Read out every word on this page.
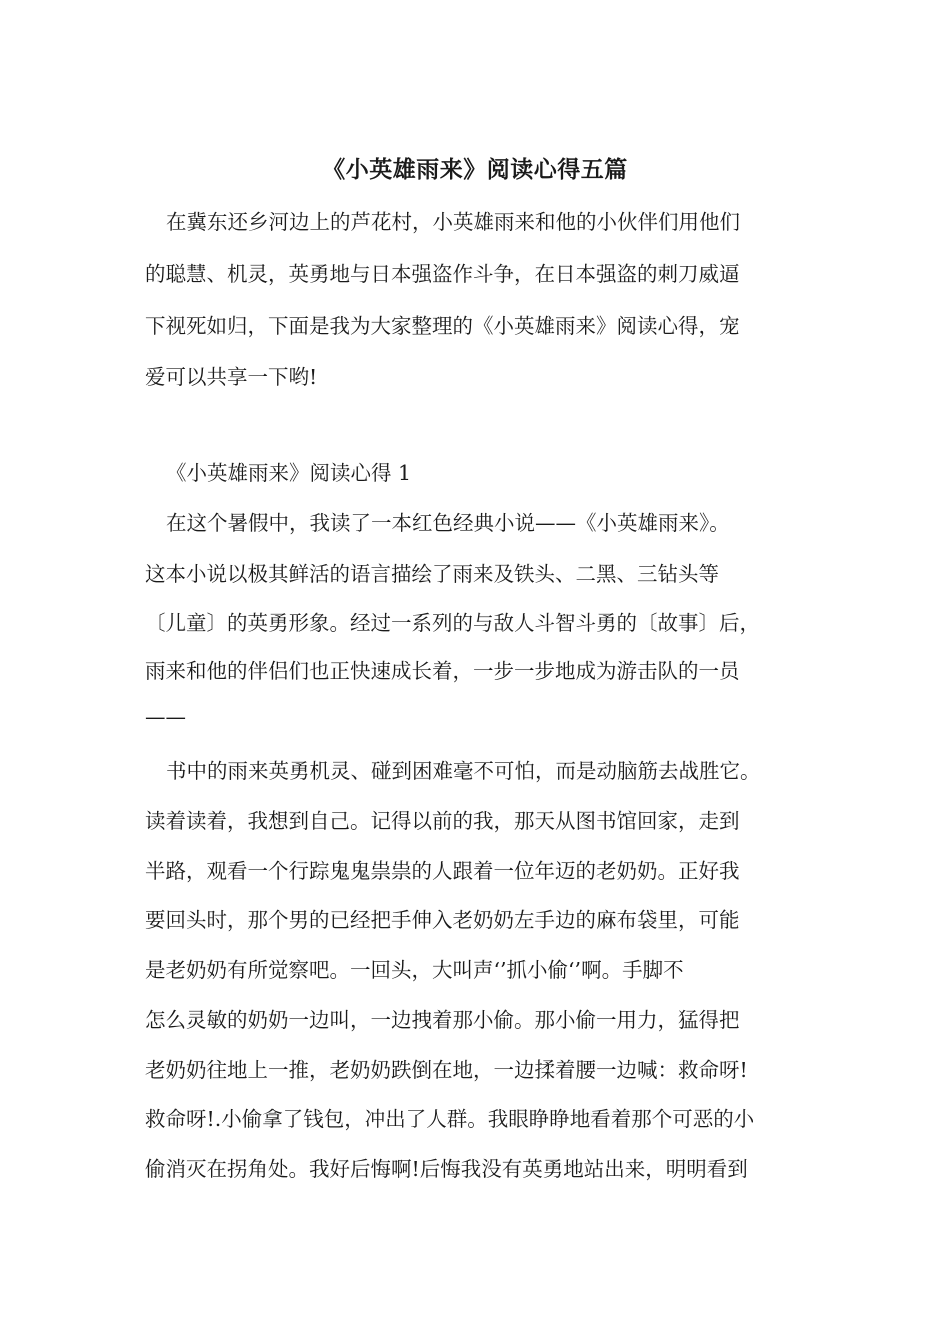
《小英雄雨来》阅读心得五篇
在冀东还乡河边上的芦花村，小英雄雨来和他的小伙伴们用他们
的聪慧、机灵，英勇地与日本强盗作斗争，在日本强盗的刺刀威逼
下视死如归，下面是我为大家整理的《小英雄雨来》阅读心得，宠
爱可以共享一下哟!
《小英雄雨来》阅读心得 1
在这个暑假中，我读了一本红色经典小说——《小英雄雨来》。
这本小说以极其鲜活的语言描绘了雨来及铁头、二黑、三钻头等
〔儿童〕的英勇形象。经过一系列的与敌人斗智斗勇的〔故事〕后，
雨来和他的伴侣们也正快速成长着，一步一步地成为游击队的一员
——
书中的雨来英勇机灵、碰到困难毫不可怕，而是动脑筋去战胜它。
读着读着，我想到自己。记得以前的我，那天从图书馆回家，走到
半路，观看一个行踪鬼鬼祟祟的人跟着一位年迈的老奶奶。正好我
要回头时，那个男的已经把手伸入老奶奶左手边的麻布袋里，可能
是老奶奶有所觉察吧。一回头，大叫声‘’抓小偷‘’啊。手脚不
怎么灵敏的奶奶一边叫，一边拽着那小偷。那小偷一用力，猛得把
老奶奶往地上一推，老奶奶跌倒在地，一边揉着腰一边喊：救命呀!
救命呀!.小偷拿了钱包，冲出了人群。我眼睁睁地看着那个可恶的小
偷消灭在拐角处。我好后悔啊!后悔我没有英勇地站出来，明明看到
